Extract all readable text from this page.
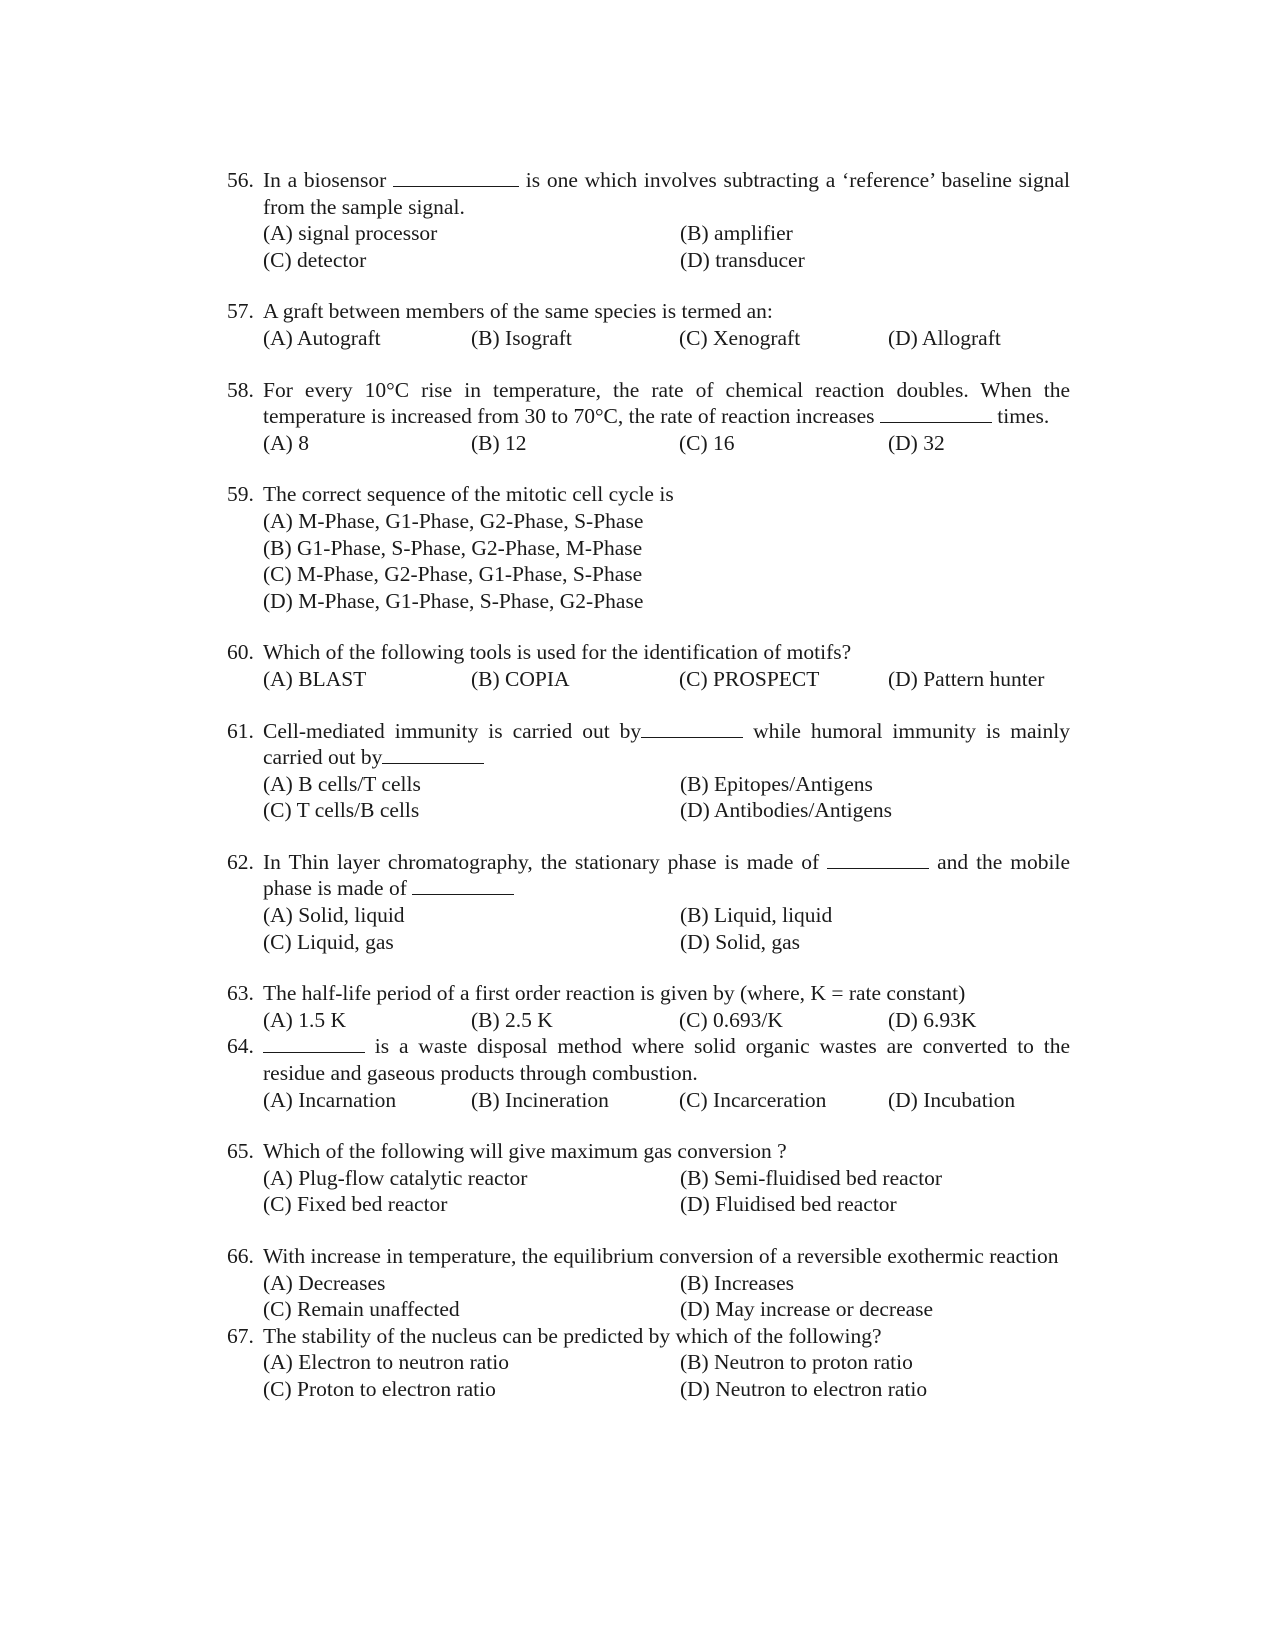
56. In a biosensor	is one which involves subtracting a ‘reference’ baseline signal from the sample signal.
(A) signal processor	(B) amplifier
(C) detector	(D) transducer
57. A graft between members of the same species is termed an:
(A) Autograft	(B) Isograft	(C) Xenograft	(D) Allograft
58. For every 10°C rise in temperature, the rate of chemical reaction doubles. When the temperature is increased from 30 to 70°C, the rate of reaction increases	times.
(A) 8	(B) 12	(C) 16	(D) 32
59. The correct sequence of the mitotic cell cycle is
(A) M-Phase, G1-Phase, G2-Phase, S-Phase
(B) G1-Phase, S-Phase, G2-Phase, M-Phase
(C) M-Phase, G2-Phase, G1-Phase, S-Phase
(D) M-Phase, G1-Phase, S-Phase, G2-Phase
60. Which of the following tools is used for the identification of motifs?
(A) BLAST	(B) COPIA	(C) PROSPECT	(D) Pattern hunter
61. Cell-mediated immunity is carried out by	while humoral immunity is mainly carried out by
(A) B cells/T cells	(B) Epitopes/Antigens
(C) T cells/B cells	(D) Antibodies/Antigens
62. In Thin layer chromatography, the stationary phase is made of	and the mobile phase is made of
(A) Solid, liquid	(B) Liquid, liquid
(C) Liquid, gas	(D) Solid, gas
63. The half-life period of a first order reaction is given by (where, K = rate constant)
(A) 1.5 K	(B) 2.5 K	(C) 0.693/K	(D) 6.93K
64.	is a waste disposal method where solid organic wastes are converted to the residue and gaseous products through combustion.
(A) Incarnation	(B) Incineration	(C) Incarceration	(D) Incubation
65. Which of the following will give maximum gas conversion ?
(A) Plug-flow catalytic reactor	(B) Semi-fluidised bed reactor
(C) Fixed bed reactor	(D) Fluidised bed reactor
66. With increase in temperature, the equilibrium conversion of a reversible exothermic reaction
(A) Decreases	(B) Increases
(C) Remain unaffected	(D) May increase or decrease
67. The stability of the nucleus can be predicted by which of the following?
(A) Electron to neutron ratio	(B) Neutron to proton ratio
(C) Proton to electron ratio	(D) Neutron to electron ratio
